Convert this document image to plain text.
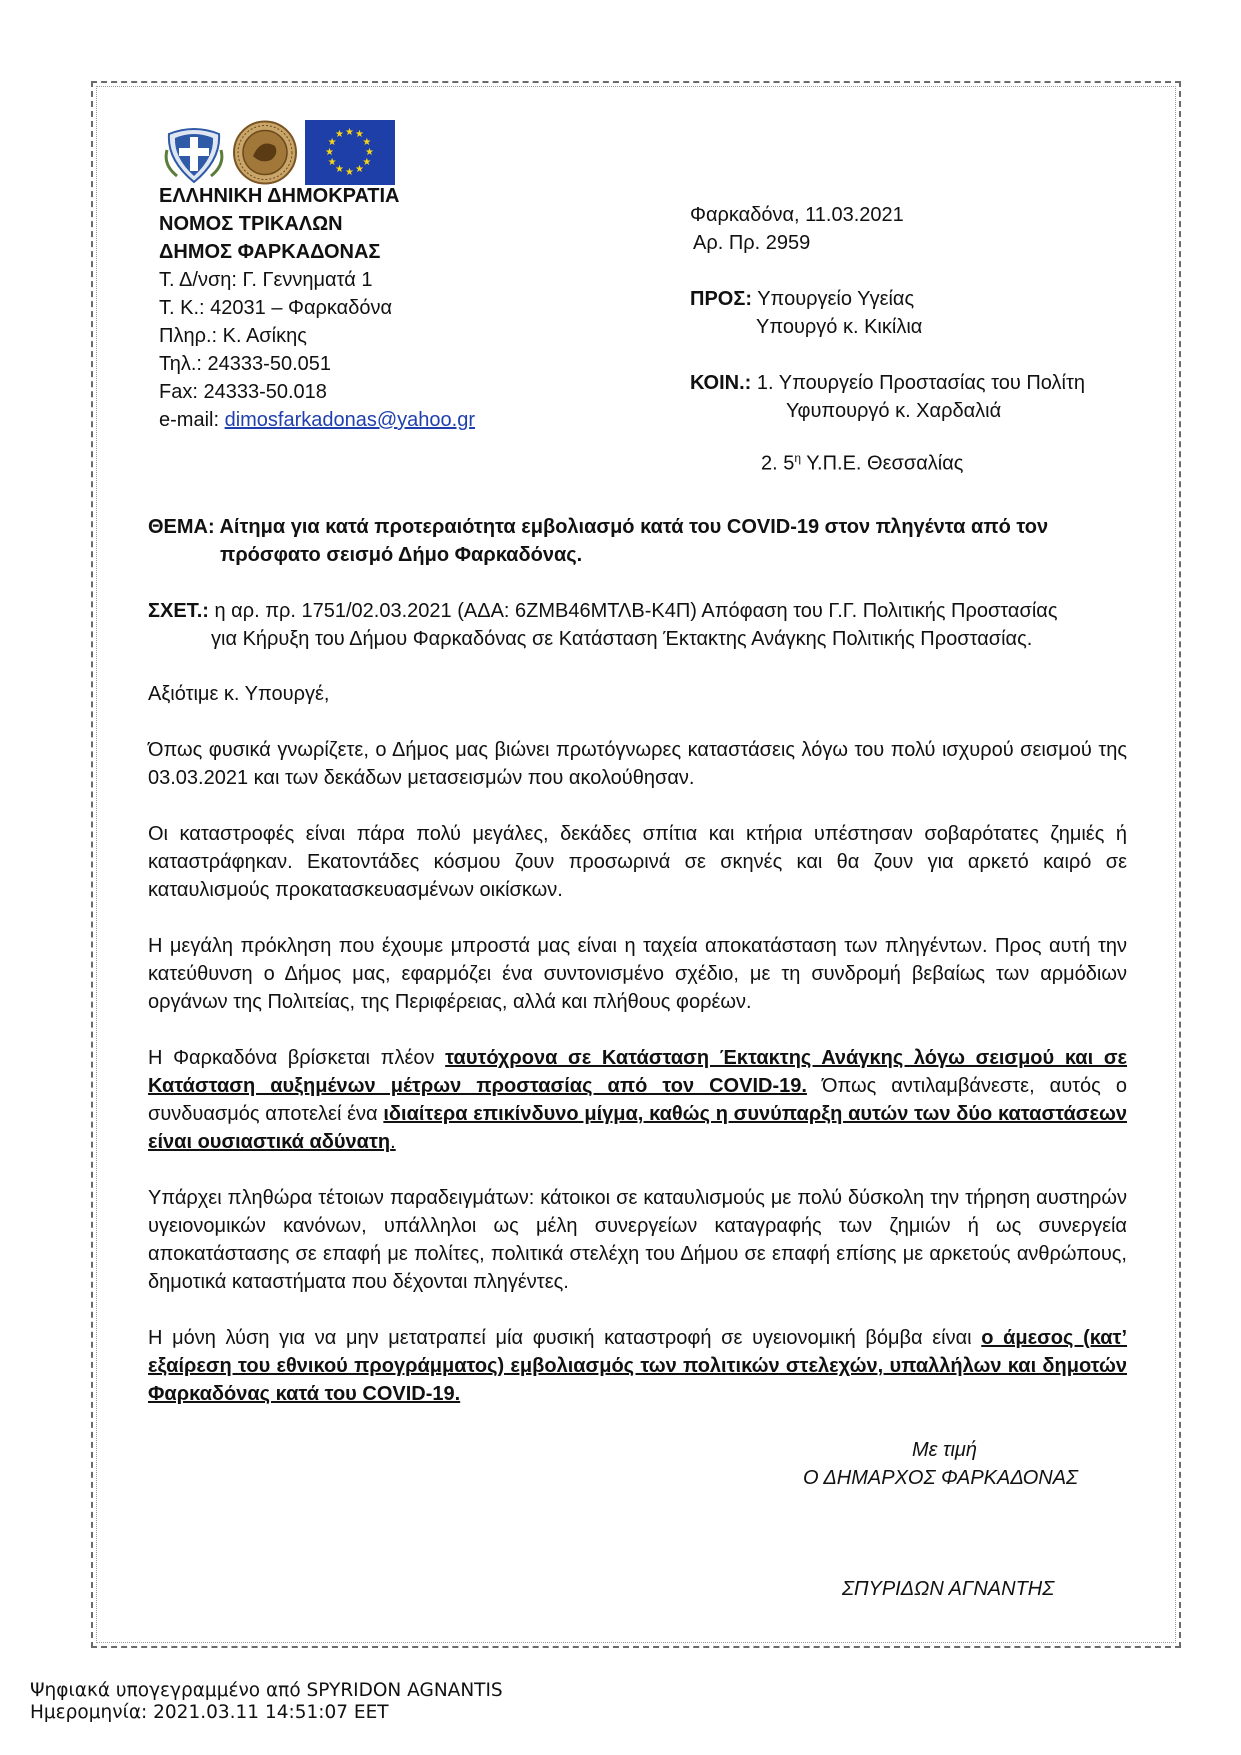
★ ★
★
★
★
★
★
★
★
★
★
★
ΕΛΛΗΝΙΚΗ ΔΗΜΟΚΡΑΤΙΑ
ΝΟΜΟΣ ΤΡΙΚΑΛΩΝ
ΔΗΜΟΣ ΦΑΡΚΑΔΟΝΑΣ
Τ. Δ/νση: Γ. Γεννηματά 1
Τ. Κ.: 42031 – Φαρκαδόνα
Πληρ.: Κ. Ασίκης
Τηλ.: 24333-50.051
Fax: 24333-50.018
e-mail: dimosfarkadonas@yahoo.gr
Φαρκαδόνα, 11.03.2021
Αρ. Πρ. 2959
ΠΡΟΣ: Υπουργείο Υγείας
Υπουργό κ. Κικίλια
ΚΟΙΝ.: 1. Υπουργείο Προστασίας του Πολίτη
Υφυπουργό κ. Χαρδαλιά
2. $5^\eta$ Υ.Π.Ε. Θεσσαλίας
ΘΕΜΑ: Αίτημα για κατά προτεραιότητα εμβολιασμό κατά του COVID-19 στον πληγέντα από τον
πρόσφατο σεισμό Δήμο Φαρκαδόνας.
ΣΧΕΤ.: η αρ. πρ. 1751/02.03.2021 (ΑΔΑ: 6ΖΜΒ46ΜΤΛΒ-Κ4Π) Απόφαση του Γ.Γ. Πολιτικής Προστασίας
για Κήρυξη του Δήμου Φαρκαδόνας σε Κατάσταση Έκτακτης Ανάγκης Πολιτικής Προστασίας.
Αξιότιμε κ. Υπουργέ,
Όπως φυσικά γνωρίζετε, ο Δήμος μας βιώνει πρωτόγνωρες καταστάσεις λόγω του πολύ ισχυρού σεισμού της 03.03.2021 και των δεκάδων μετασεισμών που ακολούθησαν.
Οι καταστροφές είναι πάρα πολύ μεγάλες, δεκάδες σπίτια και κτήρια υπέστησαν σοβαρότατες ζημιές ή καταστράφηκαν. Εκατοντάδες κόσμου ζουν προσωρινά σε σκηνές και θα ζουν για αρκετό καιρό σε καταυλισμούς προκατασκευασμένων οικίσκων.
Η μεγάλη πρόκληση που έχουμε μπροστά μας είναι η ταχεία αποκατάσταση των πληγέντων. Προς αυτή την κατεύθυνση ο Δήμος μας, εφαρμόζει ένα συντονισμένο σχέδιο, με τη συνδρομή βεβαίως των αρμόδιων οργάνων της Πολιτείας, της Περιφέρειας, αλλά και πλήθους φορέων.
Η Φαρκαδόνα βρίσκεται πλέον ταυτόχρονα σε Κατάσταση Έκτακτης Ανάγκης λόγω σεισμού και σε Κατάσταση αυξημένων μέτρων προστασίας από τον COVID-19. Όπως αντιλαμβάνεστε, αυτός ο συνδυασμός αποτελεί ένα ιδιαίτερα επικίνδυνο μίγμα, καθώς η συνύπαρξη αυτών των δύο καταστάσεων είναι ουσιαστικά αδύνατη.
Υπάρχει πληθώρα τέτοιων παραδειγμάτων: κάτοικοι σε καταυλισμούς με πολύ δύσκολη την τήρηση αυστηρών υγειονομικών κανόνων, υπάλληλοι ως μέλη συνεργείων καταγραφής των ζημιών ή ως συνεργεία αποκατάστασης σε επαφή με πολίτες, πολιτικά στελέχη του Δήμου σε επαφή επίσης με αρκετούς ανθρώπους, δημοτικά καταστήματα που δέχονται πληγέντες.
Η μόνη λύση για να μην μετατραπεί μία φυσική καταστροφή σε υγειονομική βόμβα είναι ο άμεσος (κατ’ εξαίρεση του εθνικού προγράμματος) εμβολιασμός των πολιτικών στελεχών, υπαλλήλων και δημοτών Φαρκαδόνας κατά του COVID-19.
Με τιμή
Ο ΔΗΜΑΡΧΟΣ ΦΑΡΚΑΔΟΝΑΣ
ΣΠΥΡΙΔΩΝ ΑΓΝΑΝΤΗΣ
Ψηφιακά υπογεγραμμένο από SPYRIDON AGNANTIS
Ημερομηνία: 2021.03.11 14:51:07 EET
